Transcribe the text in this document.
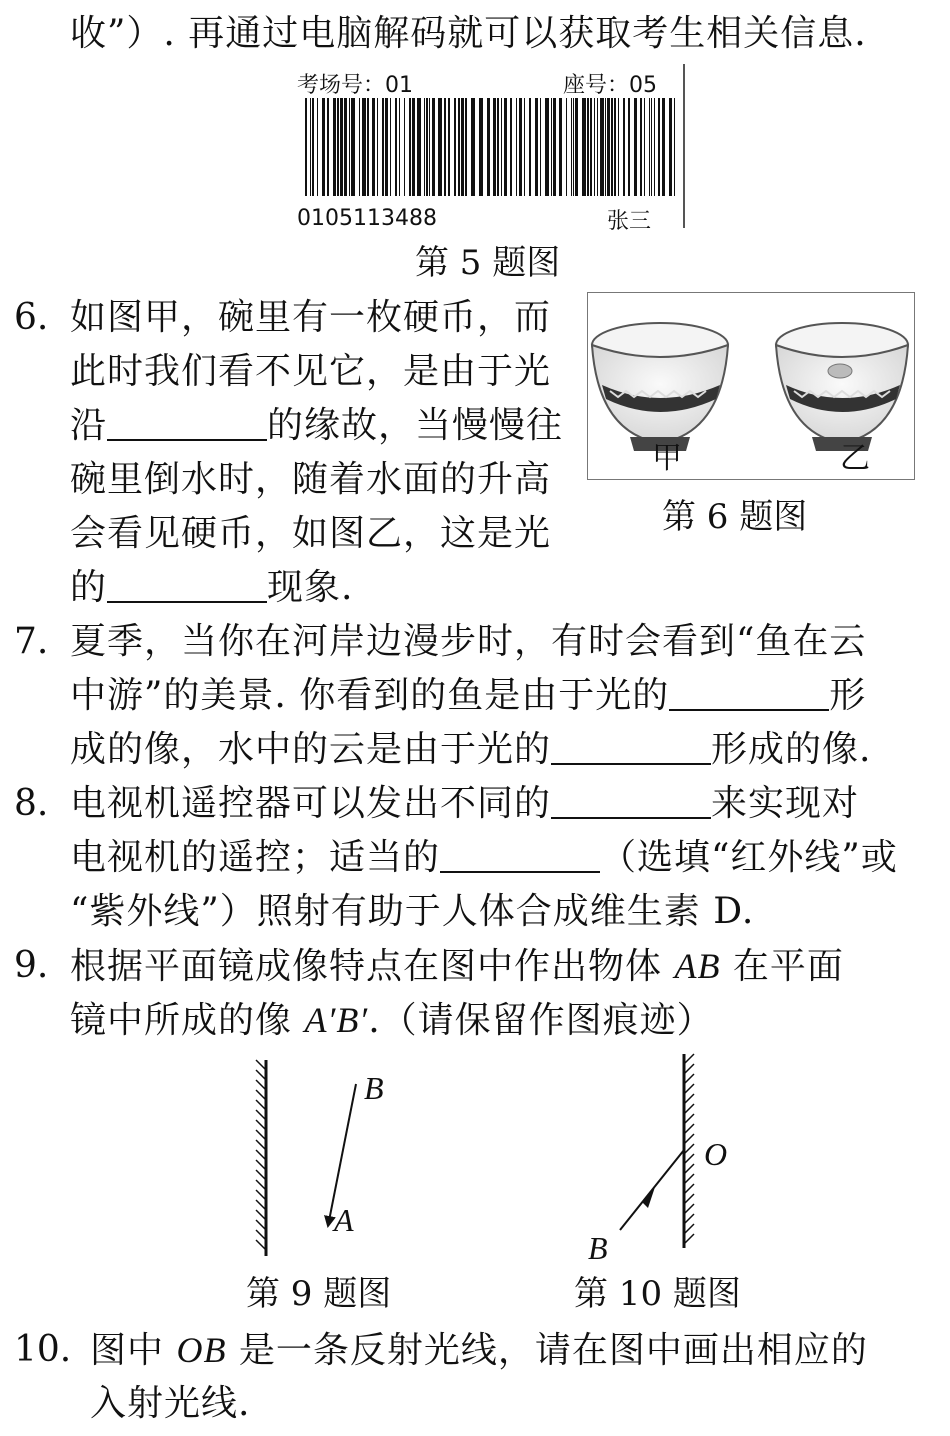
收”）. 再通过电脑解码就可以获取考生相关信息.
考场号：01	座号：05
0105113488	张三
第 5 题图
6. 如图甲，碗里有一枚硬币，而
此时我们看不见它，是由于光
沿	的缘故，当慢慢往
碗里倒水时，随着水面的升高
会看见硬币，如图乙，这是光
的	现象.
甲	乙
第 6 题图
7. 夏季，当你在河岸边漫步时，有时会看到“鱼在云
中游”的美景. 你看到的鱼是由于光的	形
成的像，水中的云是由于光的	形成的像.
8. 电视机遥控器可以发出不同的	来实现对
电视机的遥控；适当的	（选填“红外线”或
“紫外线”）照射有助于人体合成维生素 D.
9. 根据平面镜成像特点在图中作出物体 AB 在平面
镜中所成的像 A′B′.（请保留作图痕迹）
B
A
O
B
第 9 题图	第 10 题图
10. 图中 OB 是一条反射光线，请在图中画出相应的
入射光线.
